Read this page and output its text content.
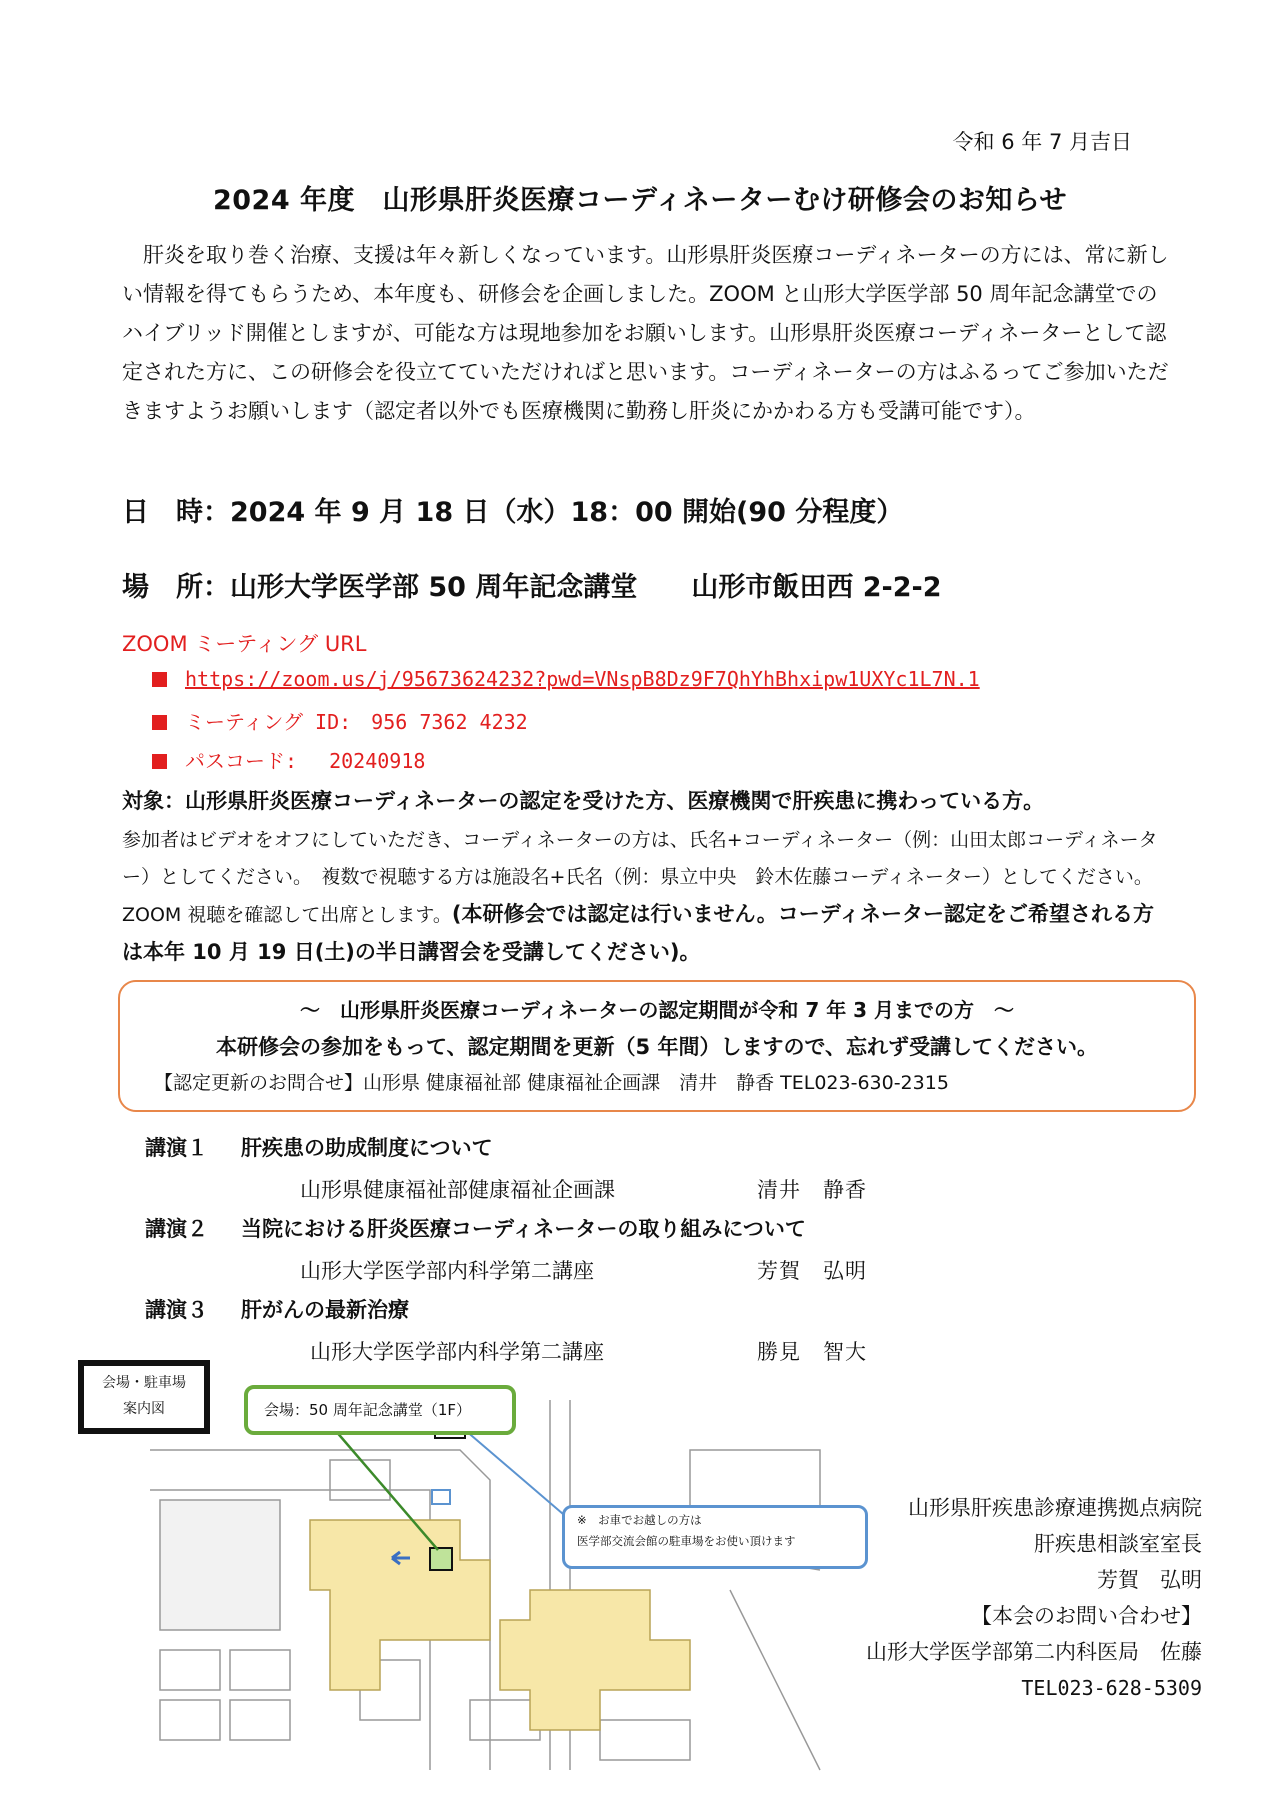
令和 6 年 7 月吉日
2024 年度　山形県肝炎医療コーディネーターむけ研修会のお知らせ

肝炎を取り巻く治療、支援は年々新しくなっています。山形県肝炎医療コーディネーターの方には、常に新しい情報を得てもらうため、本年度も、研修会を企画しました。ZOOM と山形大学医学部 50 周年記念講堂でのハイブリッド開催としますが、可能な方は現地参加をお願いします。山形県肝炎医療コーディネーターとして認定された方に、この研修会を役立てていただければと思います。コーディネーターの方はふるってご参加いただきますようお願いします（認定者以外でも医療機関に勤務し肝炎にかかわる方も受講可能です）。

日　時：2024 年 9 月 18 日（水）18：00 開始(90 分程度）
場　所：山形大学医学部 50 周年記念講堂　　山形市飯田西 2-2-2
ZOOM ミーティング URL
https://zoom.us/j/95673624232?pwd=VNspB8Dz9F7QhYhBhxipw1UXYc1L7N.1
ミーティング ID:　956 7362 4232
パスコード:　 20240918
対象：山形県肝炎医療コーディネーターの認定を受けた方、医療機関で肝疾患に携わっている方。

参加者はビデオをオフにしていただき、コーディネーターの方は、氏名+コーディネーター（例：山田太郎コーディネーター）としてください。　複数で視聴する方は施設名+氏名（例：県立中央　鈴木佐藤コーディネーター）としてください。ZOOM 視聴を確認して出席とします。(本研修会では認定は行いません。コーディネーター認定をご希望される方は本年 10 月 19 日(土)の半日講習会を受講してください)。

～　山形県肝炎医療コーディネーターの認定期間が令和 7 年 3 月までの方　～
本研修会の参加をもって、認定期間を更新（5 年間）しますので、忘れず受講してください。
【認定更新のお問合せ】山形県 健康福祉部 健康福祉企画課　清井　静香 TEL023-630-2315
講演１ 肝疾患の助成制度について
山形県健康福祉部健康福祉企画課	清井　静香
講演２ 当院における肝炎医療コーディネーターの取り組みについて
山形大学医学部内科学第二講座	芳賀　弘明
講演３ 肝がんの最新治療
山形大学医学部内科学第二講座	勝見　智大
会場・駐車場
案内図	会場：50 周年記念講堂（1F）
※　お車でお越しの方は
医学部交流会館の駐車場をお使い頂けます
山形県肝疾患診療連携拠点病院
肝疾患相談室室長
芳賀　弘明
【本会のお問い合わせ】
山形大学医学部第二内科医局　佐藤
TEL023-628-5309
